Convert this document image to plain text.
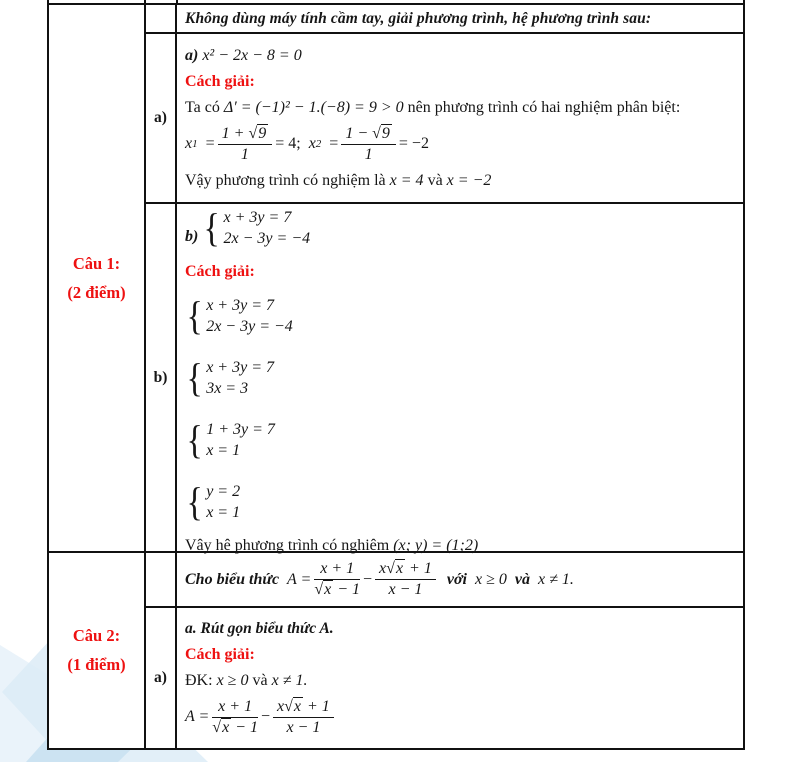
Câu 1:
(2 điểm)
Không dùng máy tính cầm tay, giải phương trình, hệ phương trình sau:
a)
a) x² − 2x − 8 = 0
Cách giải:
Ta có Δ′ = (−1)² − 1.(−8) = 9 > 0 nên phương trình có hai nghiệm phân biệt:
x $1 = \frac{1 + √9}{1} = 4$; x $2 = \frac{1 - √9}{1} = -2$
Vậy phương trình có nghiệm là x = 4 và x = −2
b)
b) { x + 3y = 7
2x − 3y = −4
Cách giải:
{ x + 3y = 7
2x − 3y = −4
{ x + 3y = 7
3x = 3
{ 1 + 3y = 7
x = 1
{ y = 2
x = 1
Vậy hệ phương trình có nghiệm (x; y) = (1;2)
Câu 2:
(1 điểm)
Cho biểu thức $A = \frac{x + 1}{√x - 1} - \frac{x√x + 1}{x - 1}$ với x ≥ 0 và x ≠ 1.
a)
a. Rút gọn biểu thức A.
Cách giải:
ĐK: x ≥ 0 và x ≠ 1.
$A = \frac{x + 1}{√x - 1} - \frac{x√x + 1}{x - 1}$
